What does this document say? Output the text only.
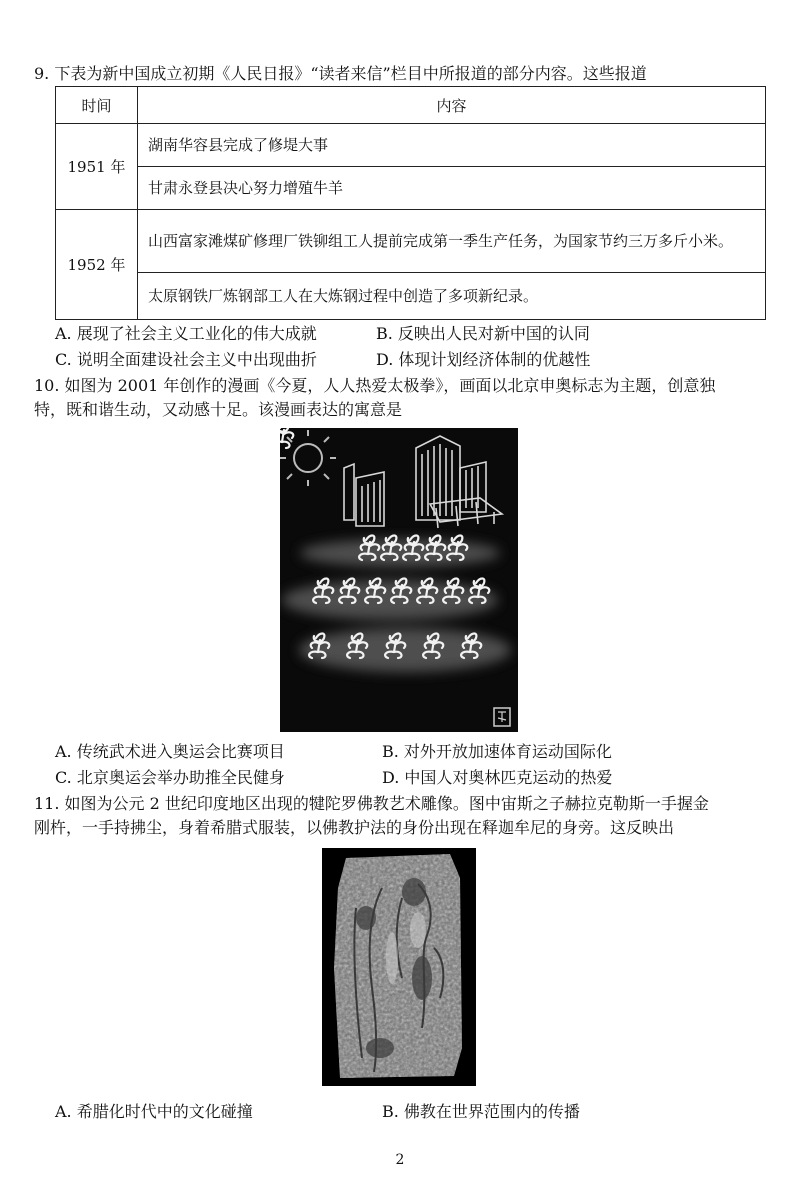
9. 下表为新中国成立初期《人民日报》“读者来信”栏目中所报道的部分内容。这些报道
时间	内容
1951 年	湖南华容县完成了修堤大事
	甘肃永登县决心努力增殖牛羊
1952 年	山西富家滩煤矿修理厂铁铆组工人提前完成第一季生产任务，为国家节约三万多斤小米。
	太原钢铁厂炼钢部工人在大炼钢过程中创造了多项新纪录。
A. 展现了社会主义工业化的伟大成就	B. 反映出人民对新中国的认同
C. 说明全面建设社会主义中出现曲折	D. 体现计划经济体制的优越性
10. 如图为 2001 年创作的漫画《今夏，人人热爱太极拳》，画面以北京申奥标志为主题，创意独
特，既和谐生动，又动感十足。该漫画表达的寓意是
A. 传统武术进入奥运会比赛项目	B. 对外开放加速体育运动国际化
C. 北京奥运会举办助推全民健身	D. 中国人对奥林匹克运动的热爱
11. 如图为公元 2 世纪印度地区出现的犍陀罗佛教艺术雕像。图中宙斯之子赫拉克勒斯一手握金
刚杵，一手持拂尘，身着希腊式服装，以佛教护法的身份出现在释迦牟尼的身旁。这反映出
A. 希腊化时代中的文化碰撞	B. 佛教在世界范围内的传播
2
